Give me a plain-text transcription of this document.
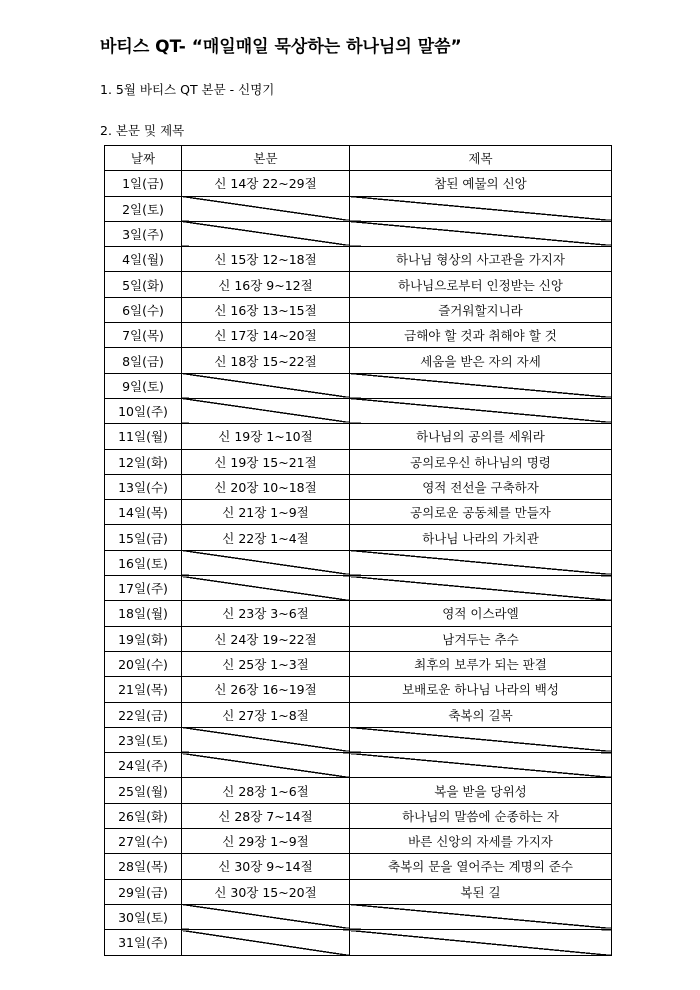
바티스 QT- “매일매일 묵상하는 하나님의 말씀”
1. 5월 바티스 QT 본문 - 신명기
2. 본문 및 제목
날짜	본문	제목
1일(금)	신 14장 22~29절	참된 예물의 신앙
2일(토)		
3일(주)		
4일(월)	신 15장 12~18절	하나님 형상의 사고관을 가지자
5일(화)	신 16장 9~12절	하나님으로부터 인정받는 신앙
6일(수)	신 16장 13~15절	즐거워할지니라
7일(목)	신 17장 14~20절	금해야 할 것과 취해야 할 것
8일(금)	신 18장 15~22절	세움을 받은 자의 자세
9일(토)		
10일(주)		
11일(월)	신 19장 1~10절	하나님의 공의를 세워라
12일(화)	신 19장 15~21절	공의로우신 하나님의 명령
13일(수)	신 20장 10~18절	영적 전선을 구축하자
14일(목)	신 21장 1~9절	공의로운 공동체를 만들자
15일(금)	신 22장 1~4절	하나님 나라의 가치관
16일(토)		
17일(주)		
18일(월)	신 23장 3~6절	영적 이스라엘
19일(화)	신 24장 19~22절	남겨두는 추수
20일(수)	신 25장 1~3절	최후의 보루가 되는 판결
21일(목)	신 26장 16~19절	보배로운 하나님 나라의 백성
22일(금)	신 27장 1~8절	축복의 길목
23일(토)		
24일(주)		
25일(월)	신 28장 1~6절	복을 받을 당위성
26일(화)	신 28장 7~14절	하나님의 말씀에 순종하는 자
27일(수)	신 29장 1~9절	바른 신앙의 자세를 가지자
28일(목)	신 30장 9~14절	축복의 문을 열어주는 계명의 준수
29일(금)	신 30장 15~20절	복된 길
30일(토)		
31일(주)		
